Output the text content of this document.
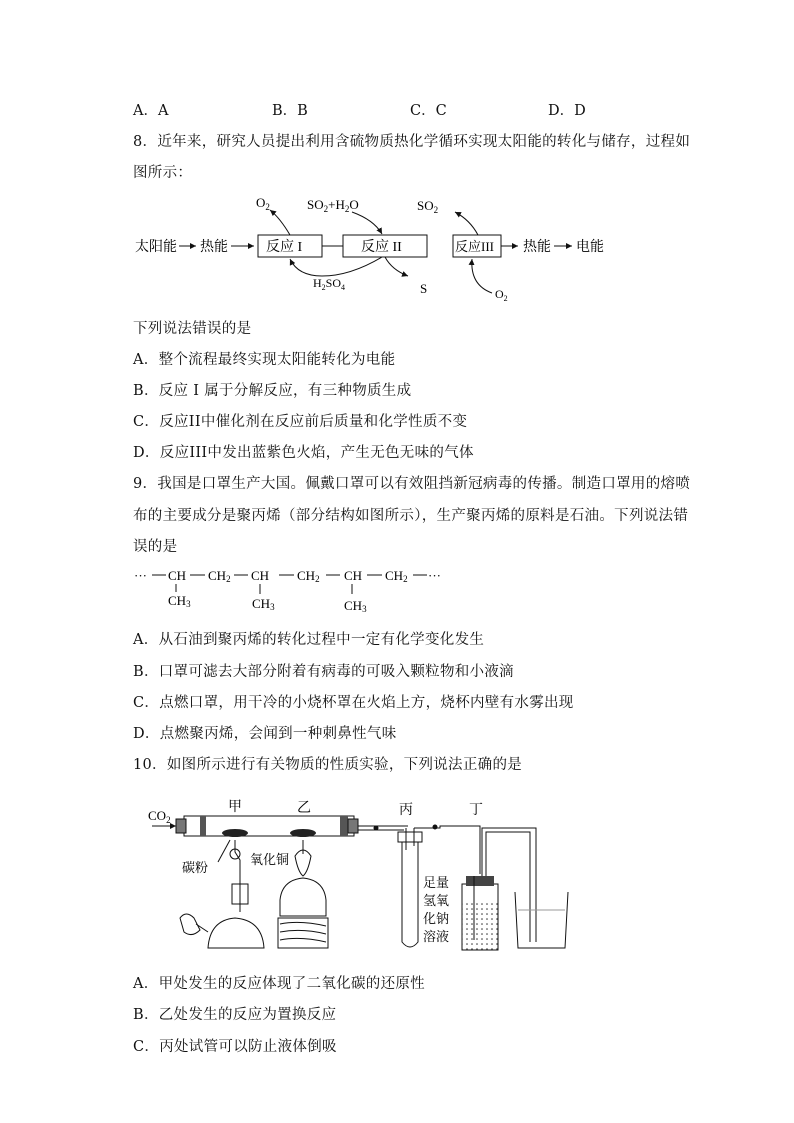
A．A	B．B	C．C	D．D
8．近年来，研究人员提出利用含硫物质热化学循环实现太阳能的转化与储存，过程如
图所示：
反应 I	反应 II	反应III
太阳能 热能	热能 电能
$O_2$	$SO_2+H_2O$	$SO_2$
$H_2SO_4$	S	$O_2$
下列说法错误的是
A．整个流程最终实现太阳能转化为电能
B．反应 I 属于分解反应，有三种物质生成
C．反应II中催化剂在反应前后质量和化学性质不变
D．反应III中发出蓝紫色火焰，产生无色无味的气体
9．我国是口罩生产大国。佩戴口罩可以有效阻挡新冠病毒的传播。制造口罩用的熔喷
布的主要成分是聚丙烯（部分结构如图所示），生产聚丙烯的原料是石油。下列说法错
误的是
··· CH CH2 CH CH2 CH CH2 ···
CH3	CH3	CH3
A．从石油到聚丙烯的转化过程中一定有化学变化发生
B．口罩可滤去大部分附着有病毒的可吸入颗粒物和小液滴
C．点燃口罩，用干冷的小烧杯罩在火焰上方，烧杯内壁有水雾出现
D．点燃聚丙烯，会闻到一种刺鼻性气味
10．如图所示进行有关物质的性质实验，下列说法正确的是
$CO_2$
甲	乙	丙	丁
足量
氢氧
化钠
溶液
碳粉
氧化铜
A．甲处发生的反应体现了二氧化碳的还原性
B．乙处发生的反应为置换反应
C．丙处试管可以防止液体倒吸
